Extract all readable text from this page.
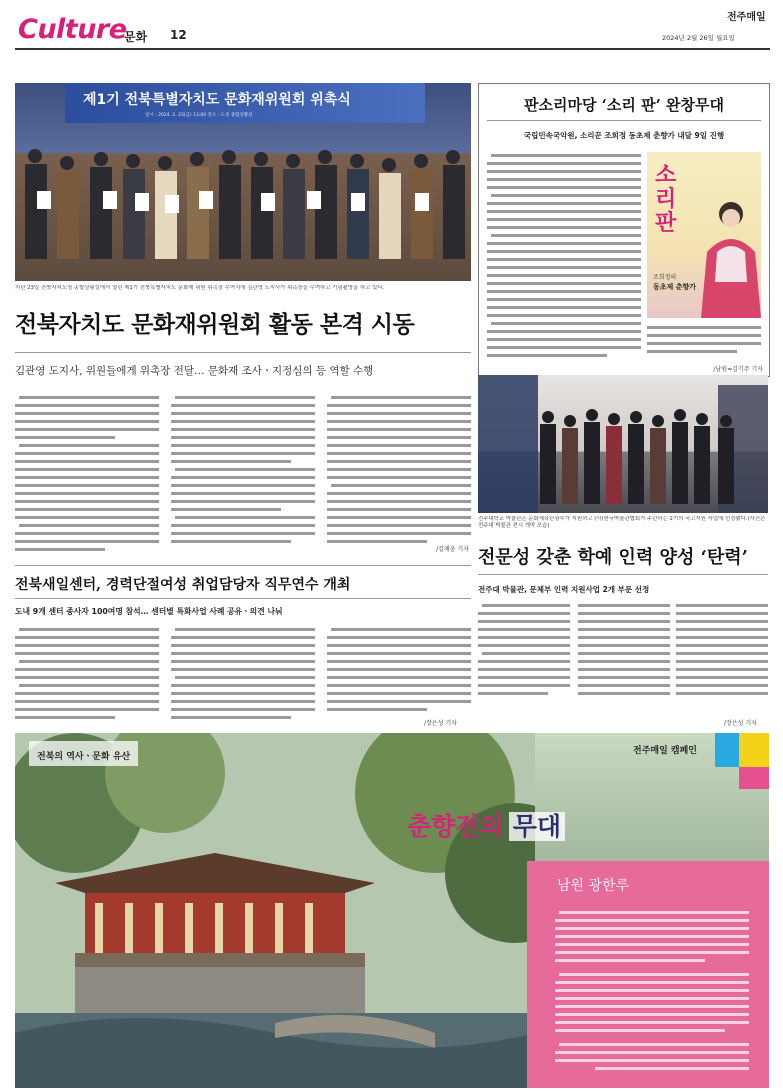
Culture
문화 12
전주매일
2024년 2월 26일 월요일
제1기 전북특별자치도 문화재위원회 위촉식
일시 : 2024. 2. 23(금) 13:00 장소 : 도청 종합상황실
지난 23일 전북자치도청 종합상황실에서 열린 제1기 전북특별자치도 문화재 위원 위촉장 수여식에 김관영 도지사가 위촉장을 수여하고 기념촬영을 하고 있다.
전북자치도 문화재위원회 활동 본격 시동
김관영 도지사, 위원들에게 위촉장 전달… 문화재 조사ㆍ지정심의 등 역할 수행
/김재윤 기자
판소리마당 ‘소리 판’ 완창무대
국립민속국악원, 소리꾼 조희정 동초제 춘향가 내달 9일 진행
소리판
조희정의
동초제 춘향가
/남원=김기주 기자
전주대학교 박물관은 문화체육관광부가 지원하고 (사)한국박물관협회가 주관하는 2기의 국고지원 사업에 선정됐다.(사진은 전주대 박물관 전시 개막 모습)
전문성 갖춘 학예 인력 양성 ‘탄력’
전주대 박물관, 문체부 인력 지원사업 2개 부문 선정
/장은성 기자
전북새일센터, 경력단절여성 취업담당자 직무연수 개최
도내 9개 센터 종사자 100여명 참석… 센터별 특화사업 사례 공유ㆍ의견 나눠
/장은성 기자
전북의 역사ㆍ문화 유산
전주매일 캠페인
춘향전의 무대
남원 광한루
